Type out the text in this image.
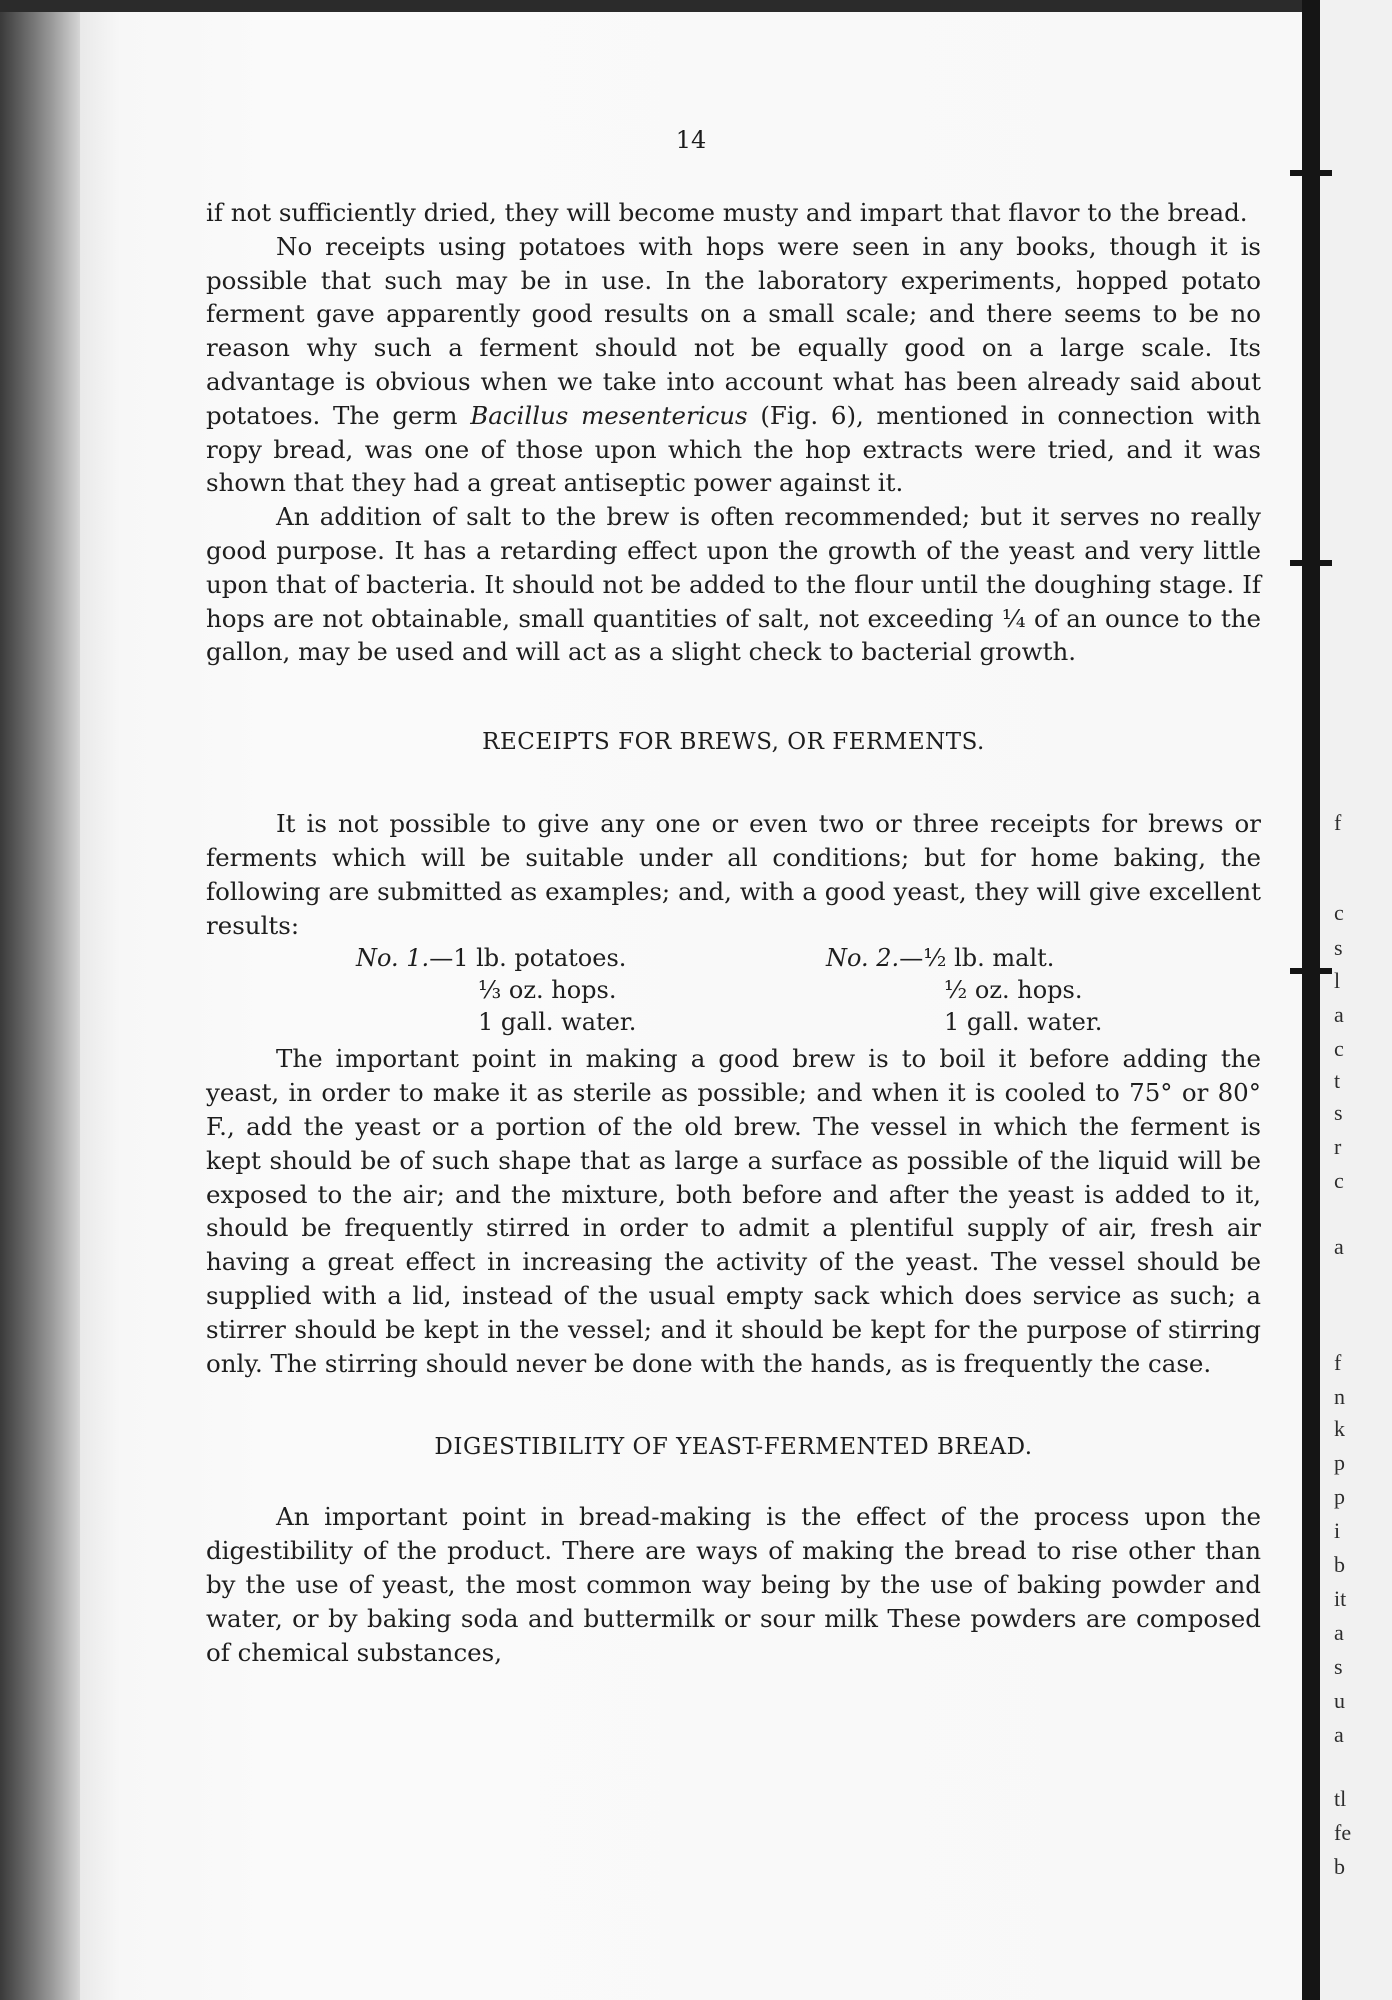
14

if not sufficiently dried, they will become musty and impart that flavor to the bread.

No receipts using potatoes with hops were seen in any books, though it is possible that such may be in use. In the laboratory experiments, hopped potato ferment gave apparently good results on a small scale; and there seems to be no reason why such a ferment should not be equally good on a large scale. Its advantage is obvious when we take into account what has been already said about potatoes. The germ Bacillus mesentericus (Fig. 6), mentioned in connection with ropy bread, was one of those upon which the hop extracts were tried, and it was shown that they had a great antiseptic power against it.

An addition of salt to the brew is often recommended; but it serves no really good purpose. It has a retarding effect upon the growth of the yeast and very little upon that of bacteria. It should not be added to the flour until the doughing stage. If hops are not obtainable, small quantities of salt, not exceeding ¼ of an ounce to the gallon, may be used and will act as a slight check to bacterial growth.

RECEIPTS FOR BREWS, OR FERMENTS.

It is not possible to give any one or even two or three receipts for brews or ferments which will be suitable under all conditions; but for home baking, the following are submitted as examples; and, with a good yeast, they will give excellent results:

No. 1.—1 lb. potatoes.
⅓ oz. hops.
1 gall. water.
No. 2.—½ lb. malt.
½ oz. hops.
1 gall. water.

The important point in making a good brew is to boil it before adding the yeast, in order to make it as sterile as possible; and when it is cooled to 75° or 80° F., add the yeast or a portion of the old brew. The vessel in which the ferment is kept should be of such shape that as large a surface as possible of the liquid will be exposed to the air; and the mixture, both before and after the yeast is added to it, should be frequently stirred in order to admit a plentiful supply of air, fresh air having a great effect in increasing the activity of the yeast. The vessel should be supplied with a lid, instead of the usual empty sack which does service as such; a stirrer should be kept in the vessel; and it should be kept for the purpose of stirring only. The stirring should never be done with the hands, as is frequently the case.

DIGESTIBILITY OF YEAST-FERMENTED BREAD.

An important point in bread-making is the effect of the process upon the digestibility of the product. There are ways of making the bread to rise other than by the use of yeast, the most common way being by the use of baking powder and water, or by baking soda and buttermilk or sour milk These powders are composed of chemical substances,

f
c
s
l
a
c
t
s
r
c
a
f
n
k
p
p
i
b
it
a
s
u
a
tl
fe
b
